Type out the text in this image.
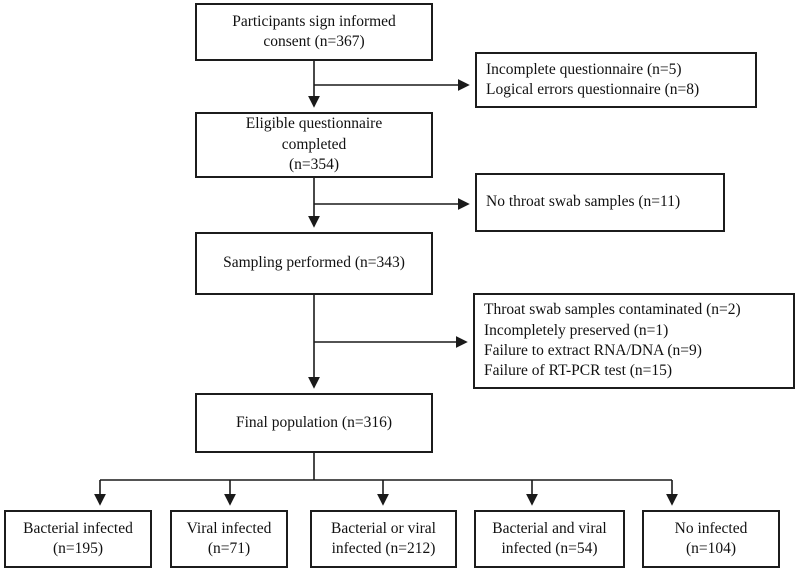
Participants sign informed
consent (n=367)
Eligible questionnaire
completed
(n=354)
Sampling performed (n=343)
Final population (n=316)
Incomplete questionnaire (n=5)
Logical errors questionnaire (n=8)
No throat swab samples (n=11)
Throat swab samples contaminated (n=2)
Incompletely preserved (n=1)
Failure to extract RNA/DNA (n=9)
Failure of RT-PCR test (n=15)
Bacterial infected
(n=195)
Viral infected
(n=71)
Bacterial or viral
infected (n=212)
Bacterial and viral
infected (n=54)
No infected
(n=104)
